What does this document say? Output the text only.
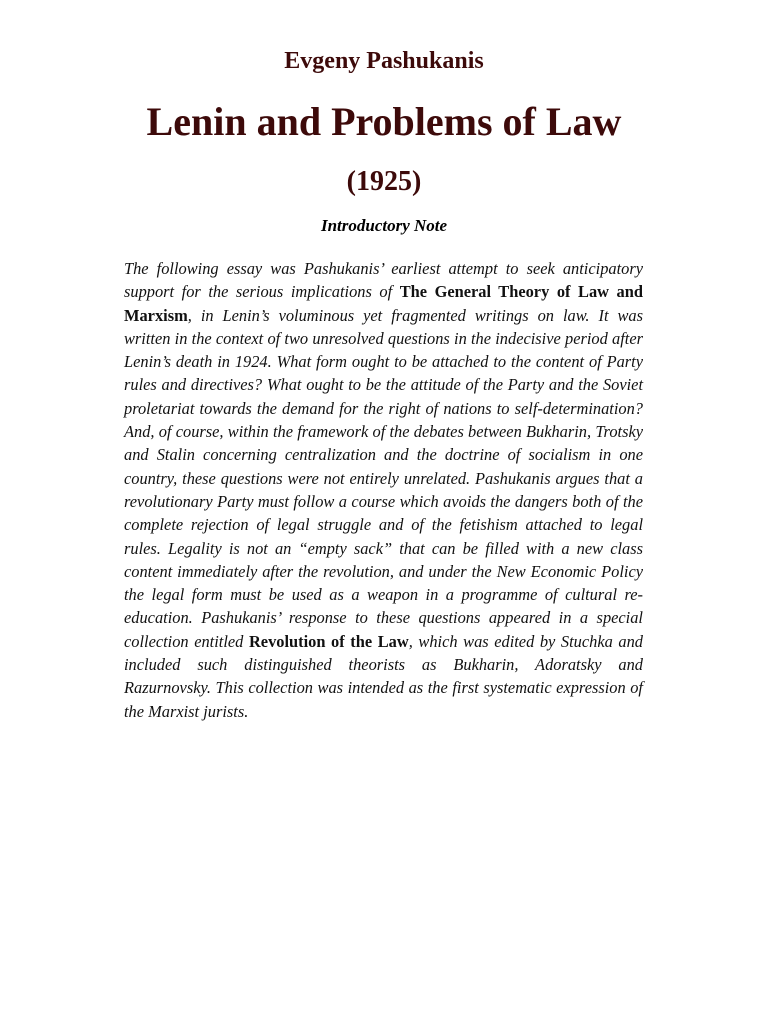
Evgeny Pashukanis
Lenin and Problems of Law
(1925)
Introductory Note

The following essay was Pashukanis’ earliest attempt to seek anticipatory support for the serious implications of The General Theory of Law and Marxism, in Lenin’s voluminous yet fragmented writings on law. It was written in the context of two unresolved questions in the indecisive period after Lenin’s death in 1924. What form ought to be attached to the content of Party rules and directives? What ought to be the attitude of the Party and the Soviet proletariat towards the demand for the right of nations to self-determination? And, of course, within the framework of the debates between Bukharin, Trotsky and Stalin concerning centralization and the doctrine of socialism in one country, these questions were not entirely unrelated. Pashukanis argues that a revolutionary Party must follow a course which avoids the dangers both of the complete rejection of legal struggle and of the fetishism attached to legal rules. Legality is not an “empty sack” that can be filled with a new class content immediately after the revolution, and under the New Economic Policy the legal form must be used as a weapon in a programme of cultural re-education. Pashukanis’ response to these questions appeared in a special collection entitled Revolution of the Law, which was edited by Stuchka and included such distinguished theorists as Bukharin, Adoratsky and Razurnovsky. This collection was intended as the first systematic expression of the Marxist jurists.
